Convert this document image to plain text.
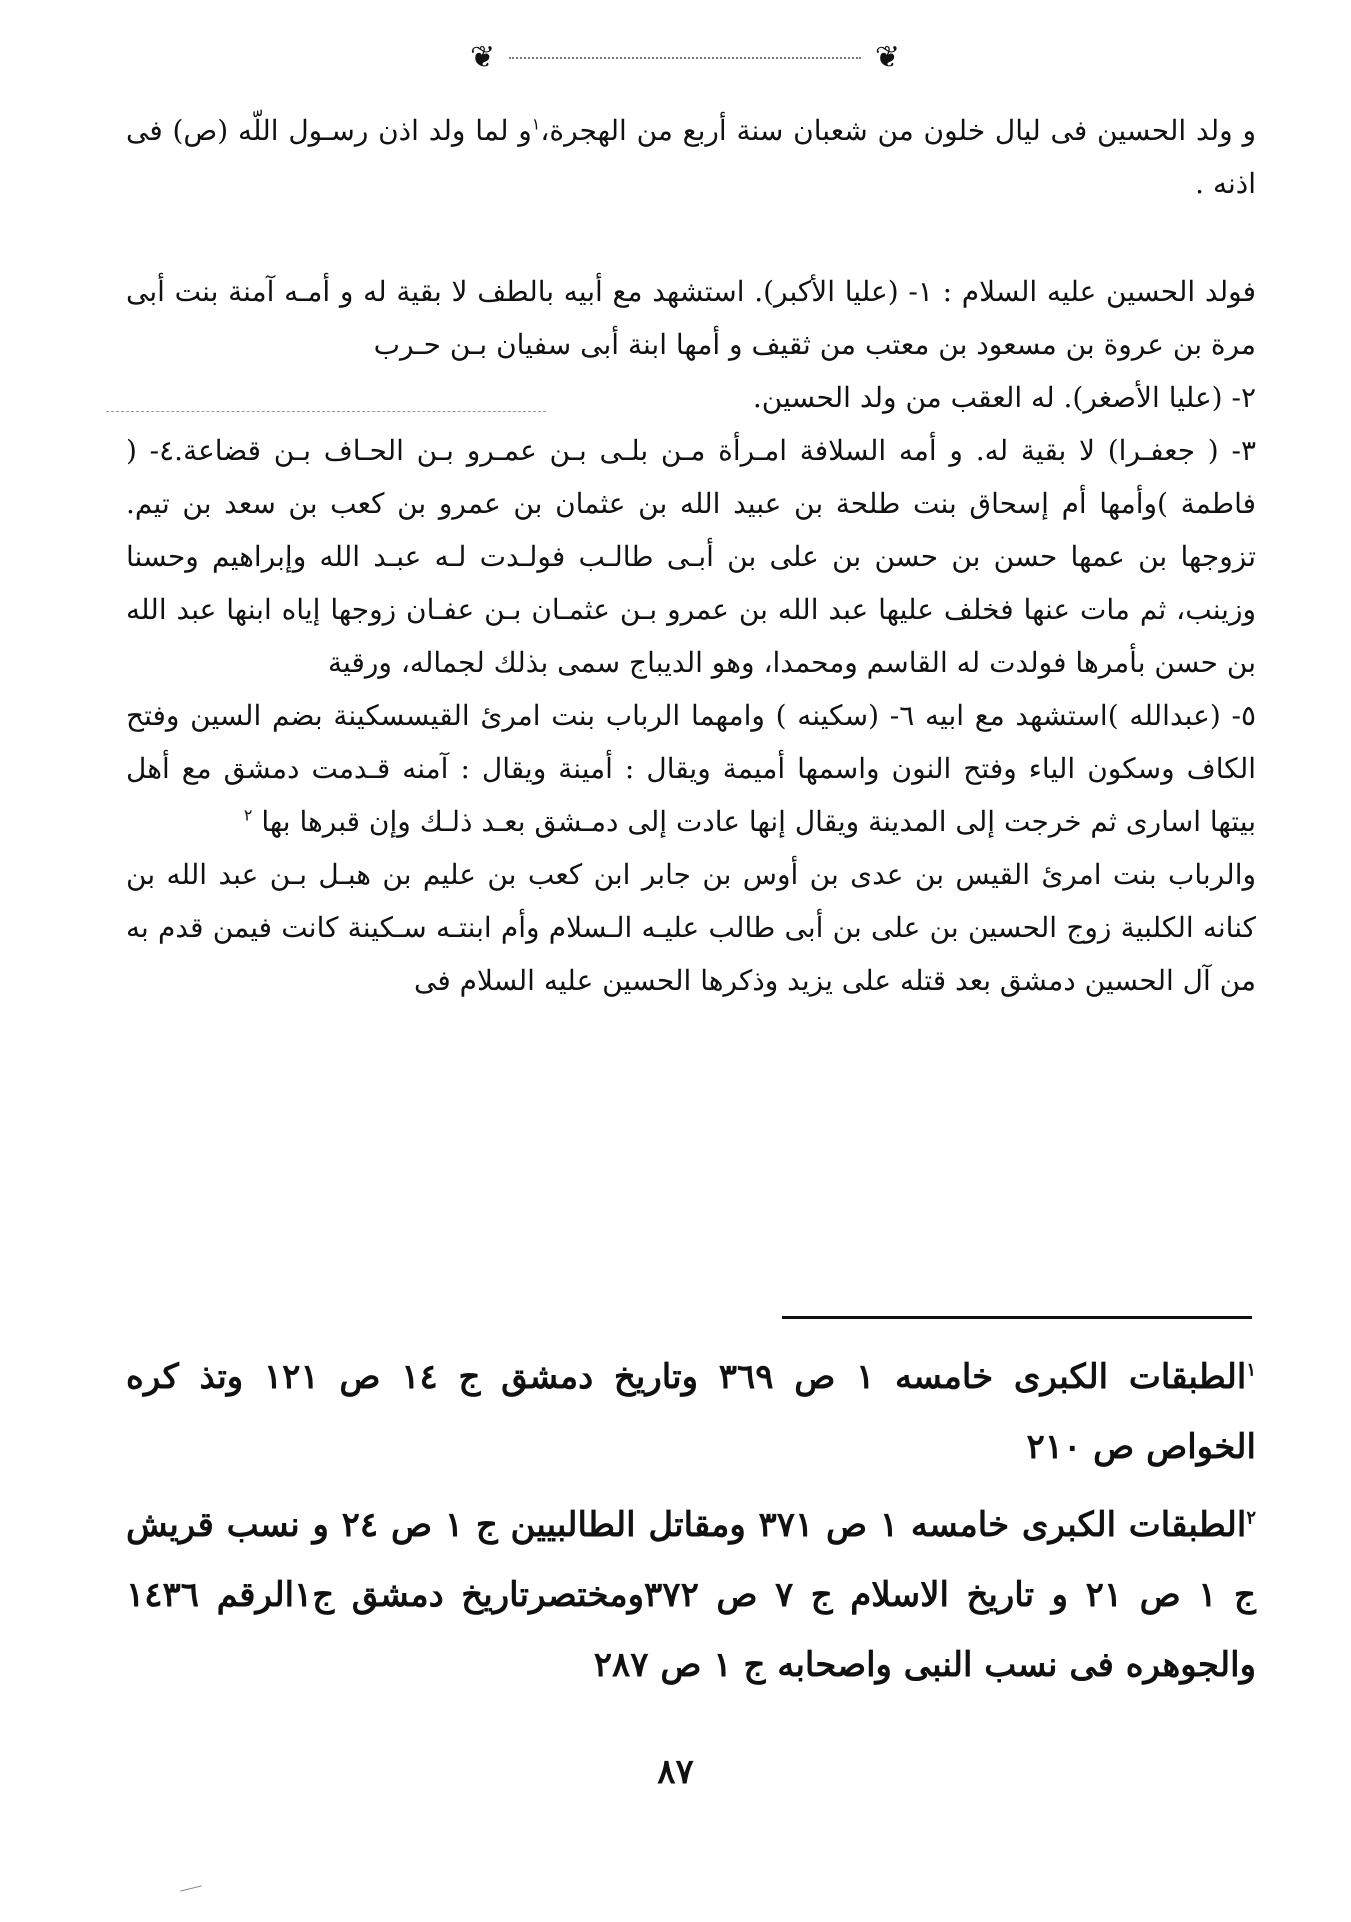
❦	❦

و ولد الحسين فى ليال خلون من شعبان سنة أربع من الهجرة،$^١$و لما ولد اذن رسـول اللّه (ص) فى اذنه .

فولد الحسين عليه السلام : ١- (عليا الأكبر). استشهد مع أبيه بالطف لا بقية له و أمـه آمنة بنت أبى مرة بن عروة بن مسعود بن معتب من ثقيف و أمها ابنة أبى سفيان بـن حـرب

٢- (عليا الأصغر). له العقب من ولد الحسين.

٣- ( جعفـرا) لا بقية له. و أمه السلافة امـرأة مـن بلـى بـن عمـرو بـن الحـاف بـن قضاعة.٤- ( فاطمة )وأمها أم إسحاق بنت طلحة بن عبيد الله بن عثمان بن عمرو بن كعب بن سعد بن تيم. تزوجها بن عمها حسن بن حسن بن على بن أبـى طالـب فولـدت لـه عبـد الله وإبراهيم وحسنا وزينب، ثم مات عنها فخلف عليها عبد الله بن عمرو بـن عثمـان بـن عفـان زوجها إياه ابنها عبد الله بن حسن بأمرها فولدت له القاسم ومحمدا، وهو الديباج سمى بذلك لجماله، ورقية

٥- (عبدالله )استشهد مع ابيه ٦- (سكينه ) وامهما الرباب بنت امرئ القيسسكينة بضم السين وفتح الكاف وسكون الياء وفتح النون واسمها أميمة ويقال : أمينة ويقال : آمنه قـدمت دمشق مع أهل بيتها اسارى ثم خرجت إلى المدينة ويقال إنها عادت إلى دمـشق بعـد ذلـك وإن قبرها بها $^٢$

والرباب بنت امرئ القيس بن عدى بن أوس بن جابر ابن كعب بن عليم بن هبـل بـن عبد الله بن كنانه الكلبية زوج الحسين بن على بن أبى طالب عليـه الـسلام وأم ابنتـه سـكينة كانت فيمن قدم به من آل الحسين دمشق بعد قتله على يزيد وذكرها الحسين عليه السلام فى

$^١$الطبقات الكبرى خامسه ١ ص ٣٦٩ وتاريخ دمشق ج ١٤ ص ١٢١ وتذ كره الخواص ص ٢١٠

$^٢$الطبقات الكبرى خامسه ١ ص ٣٧١ ومقاتل الطالبيين ج ١ ص ٢٤ و نسب قريش ج ١ ص ٢١ و تاريخ الاسلام ج ٧ ص ٣٧٢ومختصرتاريخ دمشق ج١الرقم ١٤٣٦ والجوهره فى نسب النبى واصحابه ج ١ ص ٢٨٧

٨٧
